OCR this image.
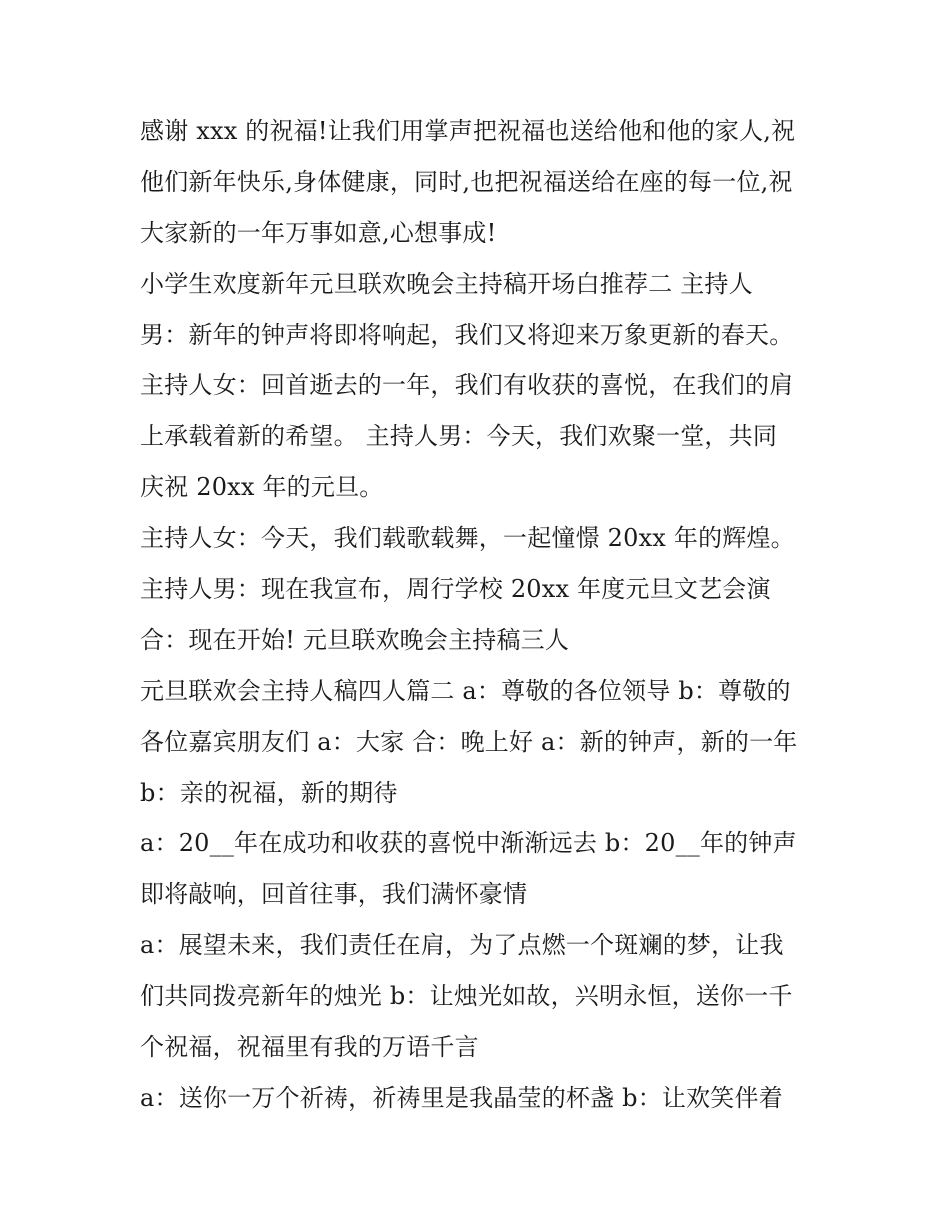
感谢 xxx 的祝福!让我们用掌声把祝福也送给他和他的家人,祝
他们新年快乐,身体健康，同时,也把祝福送给在座的每一位,祝
大家新的一年万事如意,心想事成!
小学生欢度新年元旦联欢晚会主持稿开场白推荐二 主持人
男：新年的钟声将即将响起，我们又将迎来万象更新的春天。
主持人女：回首逝去的一年，我们有收获的喜悦，在我们的肩
上承载着新的希望。 主持人男：今天，我们欢聚一堂，共同
庆祝 20xx 年的元旦。
主持人女：今天，我们载歌载舞，一起憧憬 20xx 年的辉煌。
主持人男：现在我宣布，周行学校 20xx 年度元旦文艺会演
合：现在开始! 元旦联欢晚会主持稿三人
元旦联欢会主持人稿四人篇二 a：尊敬的各位领导 b：尊敬的
各位嘉宾朋友们 a：大家 合：晚上好 a：新的钟声，新的一年
b：亲的祝福，新的期待
a：20__年在成功和收获的喜悦中渐渐远去 b：20__年的钟声
即将敲响，回首往事，我们满怀豪情
a：展望未来，我们责任在肩，为了点燃一个斑斓的梦，让我
们共同拨亮新年的烛光 b：让烛光如故，兴明永恒，送你一千
个祝福，祝福里有我的万语千言
a：送你一万个祈祷，祈祷里是我晶莹的杯盏 b：让欢笑伴着
